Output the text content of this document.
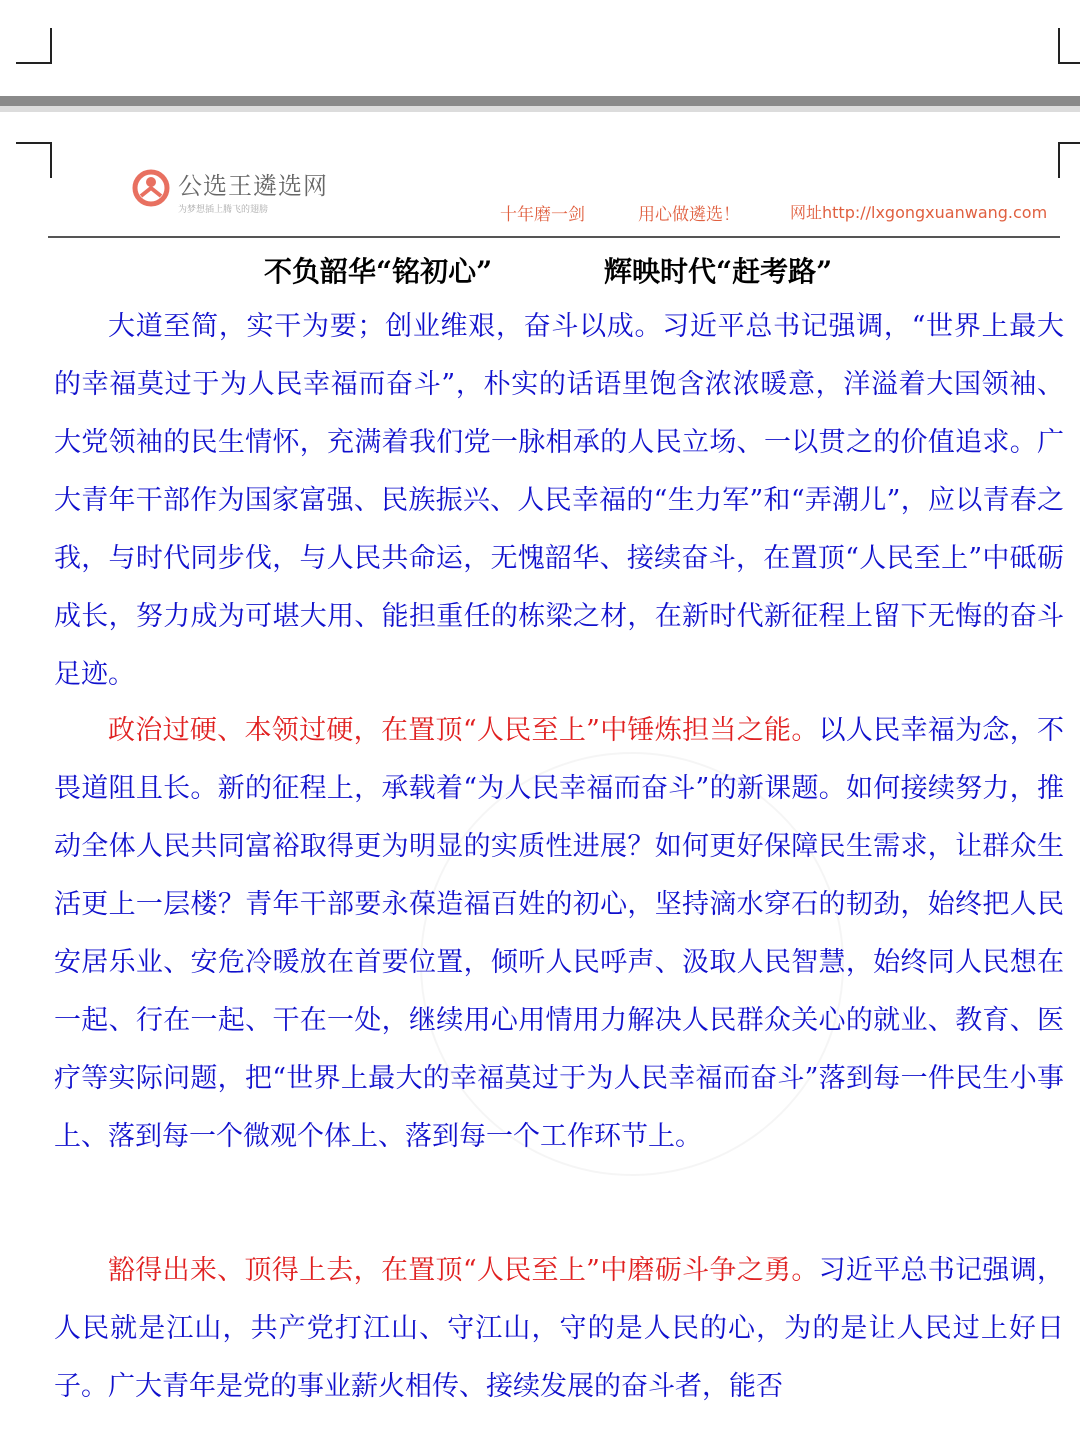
公选王遴选网
为梦想插上腾飞的翅膀	十年磨一剑	用心做遴选！	网址http://lxgongxuanwang.com
不负韶华“铭初心”	辉映时代“赶考路”

大道至简，实干为要；创业维艰，奋斗以成。习近平总书记强调，“世界上最大的幸福莫过于为人民幸福而奋斗”，朴实的话语里饱含浓浓暖意，洋溢着大国领袖、大党领袖的民生情怀，充满着我们党一脉相承的人民立场、一以贯之的价值追求。广大青年干部作为国家富强、民族振兴、人民幸福的“生力军”和“弄潮儿”，应以青春之我，与时代同步伐，与人民共命运，无愧韶华、接续奋斗，在置顶“人民至上”中砥砺成长，努力成为可堪大用、能担重任的栋梁之材，在新时代新征程上留下无悔的奋斗足迹。

政治过硬、本领过硬，在置顶“人民至上”中锤炼担当之能。以人民幸福为念，不畏道阻且长。新的征程上，承载着“为人民幸福而奋斗”的新课题。如何接续努力，推动全体人民共同富裕取得更为明显的实质性进展？如何更好保障民生需求，让群众生活更上一层楼？青年干部要永葆造福百姓的初心，坚持滴水穿石的韧劲，始终把人民安居乐业、安危冷暖放在首要位置，倾听人民呼声、汲取人民智慧，始终同人民想在一起、行在一起、干在一处，继续用心用情用力解决人民群众关心的就业、教育、医疗等实际问题，把“世界上最大的幸福莫过于为人民幸福而奋斗”落到每一件民生小事上、落到每一个微观个体上、落到每一个工作环节上。

豁得出来、顶得上去，在置顶“人民至上”中磨砺斗争之勇。习近平总书记强调，人民就是江山，共产党打江山、守江山，守的是人民的心，为的是让人民过上好日子。广大青年是党的事业薪火相传、接续发展的奋斗者，能否
